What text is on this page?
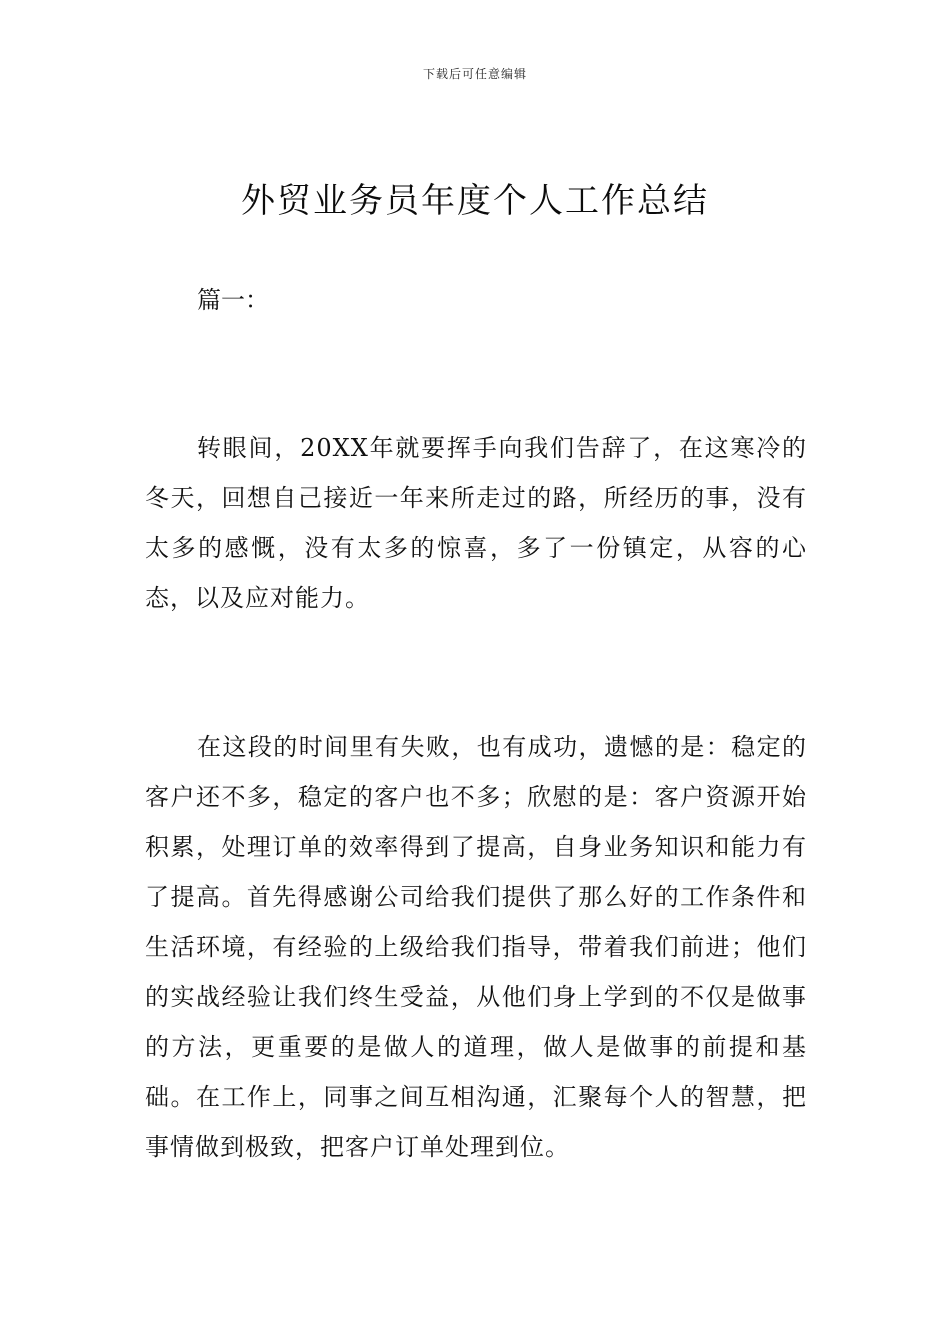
下载后可任意编辑
外贸业务员年度个人工作总结
篇一：

转眼间，20XX年就要挥手向我们告辞了，在这寒冷的冬天，回想自己接近一年来所走过的路，所经历的事，没有太多的感慨，没有太多的惊喜，多了一份镇定，从容的心态，以及应对能力。

在这段的时间里有失败，也有成功，遗憾的是：稳定的客户还不多，稳定的客户也不多；欣慰的是：客户资源开始积累，处理订单的效率得到了提高，自身业务知识和能力有了提高。首先得感谢公司给我们提供了那么好的工作条件和生活环境，有经验的上级给我们指导，带着我们前进；他们的实战经验让我们终生受益，从他们身上学到的不仅是做事的方法，更重要的是做人的道理，做人是做事的前提和基础。在工作上，同事之间互相沟通，汇聚每个人的智慧，把事情做到极致，把客户订单处理到位。
